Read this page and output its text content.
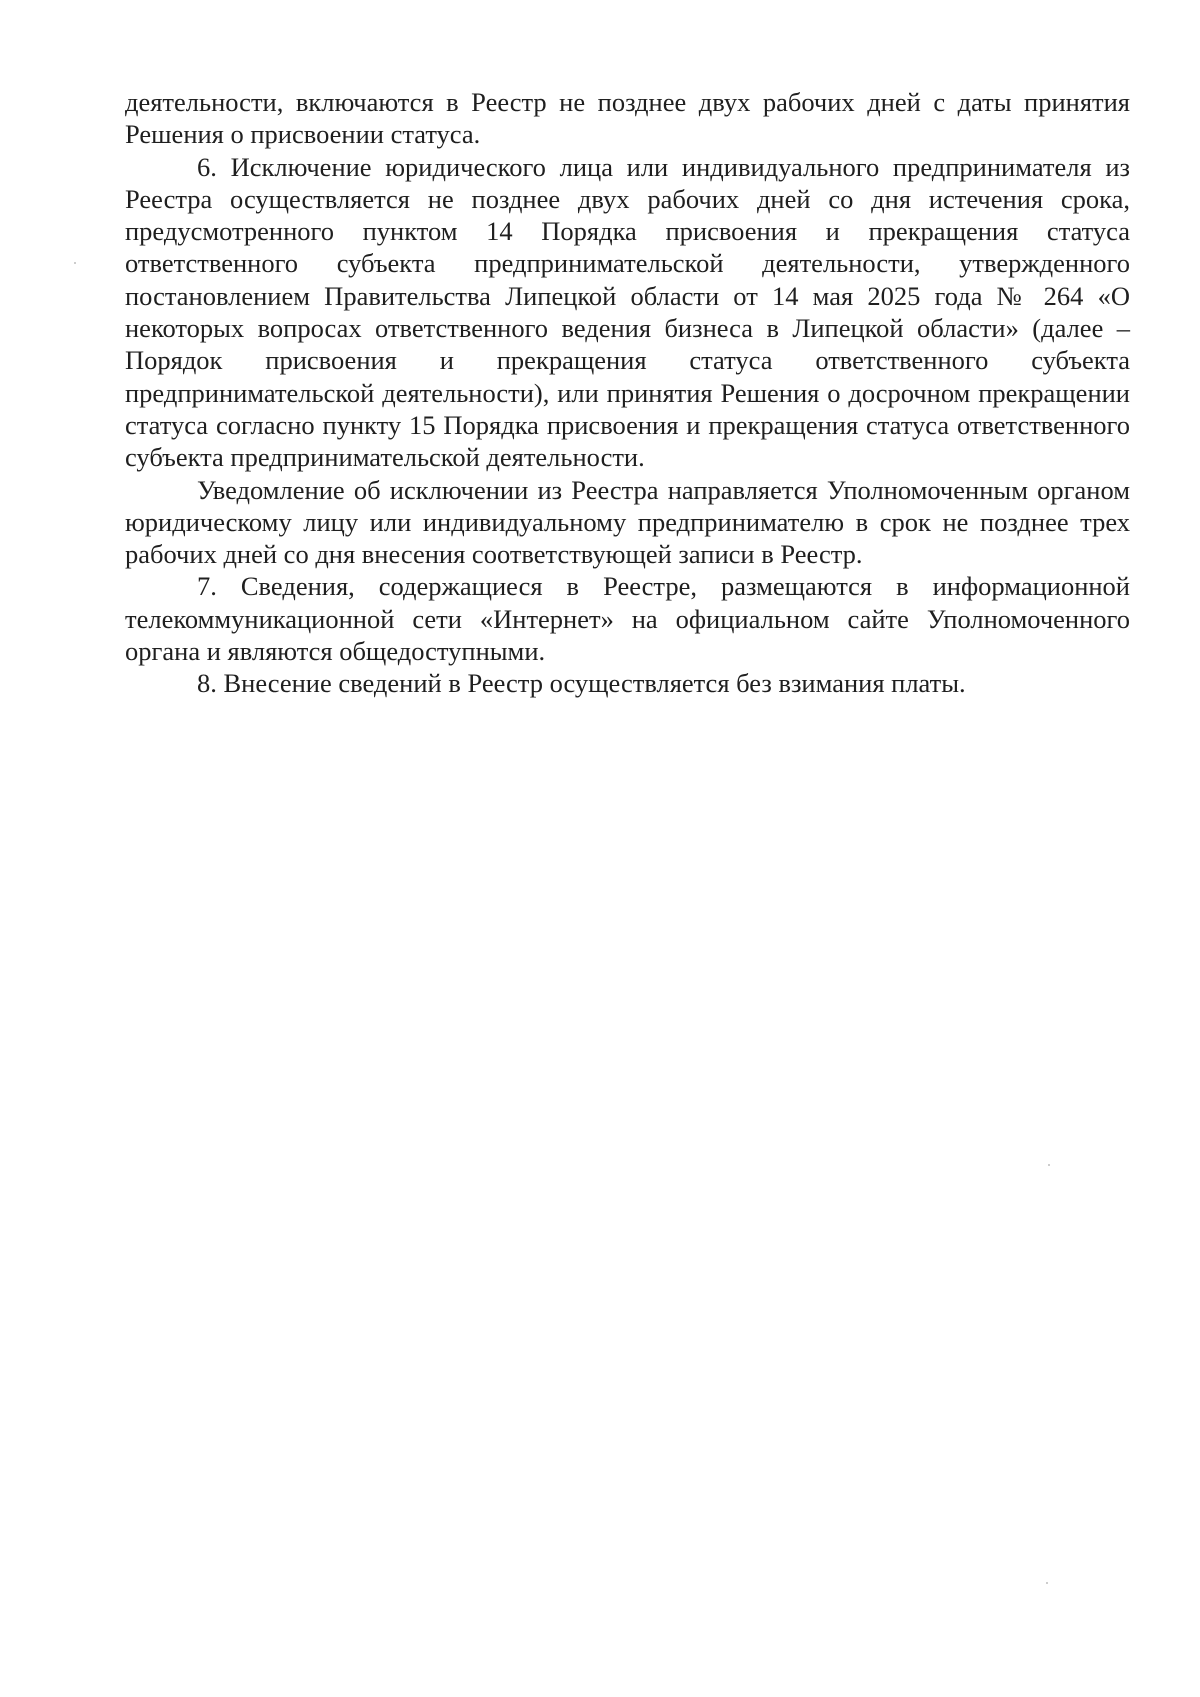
деятельности, включаются в Реестр не позднее двух рабочих дней с даты принятия Решения о присвоении статуса.

6. Исключение юридического лица или индивидуального предпринимателя из Реестра осуществляется не позднее двух рабочих дней со дня истечения срока, предусмотренного пунктом 14 Порядка присвоения и прекращения статуса ответственного субъекта предпринимательской деятельности, утвержденного постановлением Правительства Липецкой области от 14 мая 2025 года № 264 «О некоторых вопросах ответственного ведения бизнеса в Липецкой области» (далее – Порядок присвоения и прекращения статуса ответственного субъекта предпринимательской деятельности), или принятия Решения о досрочном прекращении статуса согласно пункту 15 Порядка присвоения и прекращения статуса ответственного субъекта предпринимательской деятельности.

Уведомление об исключении из Реестра направляется Уполномоченным органом юридическому лицу или индивидуальному предпринимателю в срок не позднее трех рабочих дней со дня внесения соответствующей записи в Реестр.

7. Сведения, содержащиеся в Реестре, размещаются в информационной телекоммуникационной сети «Интернет» на официальном сайте Уполномоченного органа и являются общедоступными.

8. Внесение сведений в Реестр осуществляется без взимания платы.
